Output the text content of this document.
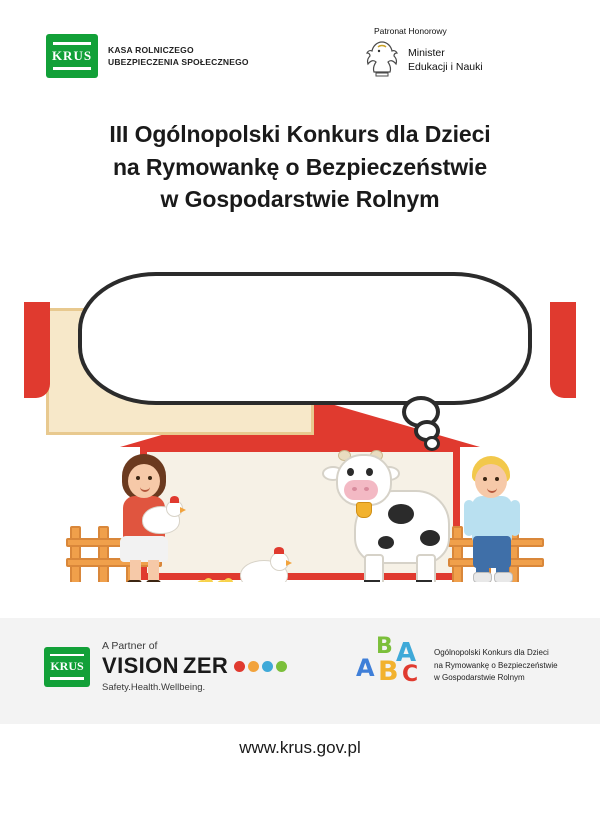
KRUS	KASA ROLNICZEGO
UBEZPIECZENIA SPOŁECZNEGO
Patronat Honorowy
Minister
Edukacji i Nauki
III Ogólnopolski Konkurs dla Dzieci
na Rymowankę o Bezpieczeństwie
w Gospodarstwie Rolnym
KRUS
A Partner of
VISION ZER
Safety.Health.Wellbeing.
B A
A B C
Ogólnopolski Konkurs dla Dzieci
na Rymowankę o Bezpieczeństwie
w Gospodarstwie Rolnym
www.krus.gov.pl
